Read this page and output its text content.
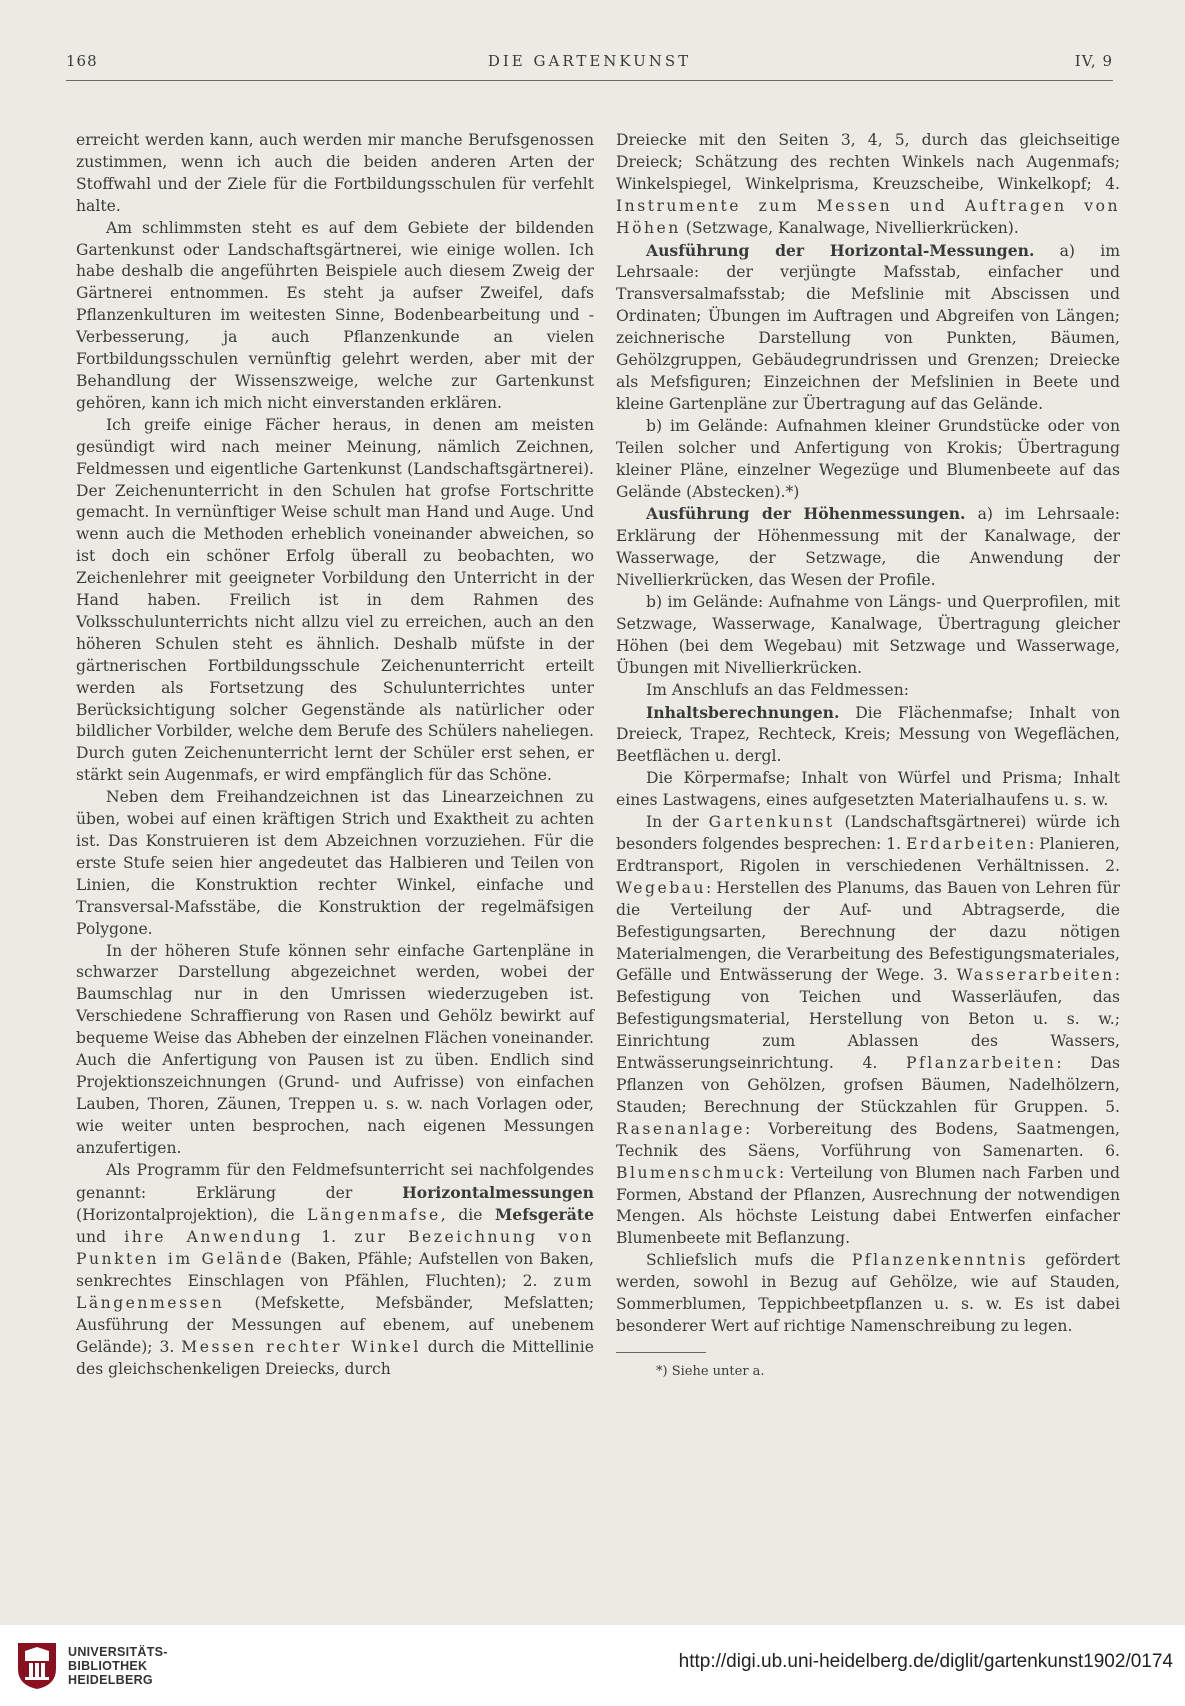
168	DIE GARTENKUNST	IV, 9

erreicht werden kann, auch werden mir manche Berufsgenossen zustimmen, wenn ich auch die beiden anderen Arten der Stoffwahl und der Ziele für die Fortbildungsschulen für verfehlt halte.

Am schlimmsten steht es auf dem Gebiete der bildenden Gartenkunst oder Landschaftsgärtnerei, wie einige wollen. Ich habe deshalb die angeführten Beispiele auch diesem Zweig der Gärtnerei entnommen. Es steht ja aufser Zweifel, dafs Pflanzenkulturen im weitesten Sinne, Bodenbearbeitung und -Verbesserung, ja auch Pflanzenkunde an vielen Fortbildungsschulen vernünftig gelehrt werden, aber mit der Behandlung der Wissenszweige, welche zur Gartenkunst gehören, kann ich mich nicht einverstanden erklären.

Ich greife einige Fächer heraus, in denen am meisten gesündigt wird nach meiner Meinung, nämlich Zeichnen, Feldmessen und eigentliche Gartenkunst (Landschaftsgärtnerei). Der Zeichenunterricht in den Schulen hat grofse Fortschritte gemacht. In vernünftiger Weise schult man Hand und Auge. Und wenn auch die Methoden erheblich voneinander abweichen, so ist doch ein schöner Erfolg überall zu beobachten, wo Zeichenlehrer mit geeigneter Vorbildung den Unterricht in der Hand haben. Freilich ist in dem Rahmen des Volksschulunterrichts nicht allzu viel zu erreichen, auch an den höheren Schulen steht es ähnlich. Deshalb müfste in der gärtnerischen Fortbildungsschule Zeichenunterricht erteilt werden als Fortsetzung des Schulunterrichtes unter Berücksichtigung solcher Gegenstände als natürlicher oder bildlicher Vorbilder, welche dem Berufe des Schülers naheliegen. Durch guten Zeichenunterricht lernt der Schüler erst sehen, er stärkt sein Augenmafs, er wird empfänglich für das Schöne.

Neben dem Freihandzeichnen ist das Linearzeichnen zu üben, wobei auf einen kräftigen Strich und Exaktheit zu achten ist. Das Konstruieren ist dem Abzeichnen vorzuziehen. Für die erste Stufe seien hier angedeutet das Halbieren und Teilen von Linien, die Konstruktion rechter Winkel, einfache und Transversal-Mafsstäbe, die Konstruktion der regelmäfsigen Polygone.

In der höheren Stufe können sehr einfache Gartenpläne in schwarzer Darstellung abgezeichnet werden, wobei der Baumschlag nur in den Umrissen wiederzugeben ist. Verschiedene Schraffierung von Rasen und Gehölz bewirkt auf bequeme Weise das Abheben der einzelnen Flächen voneinander. Auch die Anfertigung von Pausen ist zu üben. Endlich sind Projektionszeichnungen (Grund- und Aufrisse) von einfachen Lauben, Thoren, Zäunen, Treppen u. s. w. nach Vorlagen oder, wie weiter unten besprochen, nach eigenen Messungen anzufertigen.

Als Programm für den Feldmefsunterricht sei nachfolgendes genannt: Erklärung der Horizontalmessungen (Horizontalprojektion), die Längenmafse, die Mefsgeräte und ihre Anwendung 1. zur Bezeichnung von Punkten im Gelände (Baken, Pfähle; Aufstellen von Baken, senkrechtes Einschlagen von Pfählen, Fluchten); 2. zum Längenmessen (Mefskette, Mefsbänder, Mefslatten; Ausführung der Messungen auf ebenem, auf unebenem Gelände); 3. Messen rechter Winkel durch die Mittellinie des gleichschenkeligen Dreiecks, durch

Dreiecke mit den Seiten 3, 4, 5, durch das gleichseitige Dreieck; Schätzung des rechten Winkels nach Augenmafs; Winkelspiegel, Winkelprisma, Kreuzscheibe, Winkelkopf; 4. Instrumente zum Messen und Auftragen von Höhen (Setzwage, Kanalwage, Nivellierkrücken).

Ausführung der Horizontal-Messungen. a) im Lehrsaale: der verjüngte Mafsstab, einfacher und Transversalmafsstab; die Mefslinie mit Abscissen und Ordinaten; Übungen im Auftragen und Abgreifen von Längen; zeichnerische Darstellung von Punkten, Bäumen, Gehölzgruppen, Gebäudegrundrissen und Grenzen; Dreiecke als Mefsfiguren; Einzeichnen der Mefslinien in Beete und kleine Gartenpläne zur Übertragung auf das Gelände.

b) im Gelände: Aufnahmen kleiner Grundstücke oder von Teilen solcher und Anfertigung von Krokis; Übertragung kleiner Pläne, einzelner Wegezüge und Blumenbeete auf das Gelände (Abstecken).*)

Ausführung der Höhenmessungen. a) im Lehrsaale: Erklärung der Höhenmessung mit der Kanalwage, der Wasserwage, der Setzwage, die Anwendung der Nivellierkrücken, das Wesen der Profile.

b) im Gelände: Aufnahme von Längs- und Querprofilen, mit Setzwage, Wasserwage, Kanalwage, Übertragung gleicher Höhen (bei dem Wegebau) mit Setzwage und Wasserwage, Übungen mit Nivellierkrücken.

Im Anschlufs an das Feldmessen:

Inhaltsberechnungen. Die Flächenmafse; Inhalt von Dreieck, Trapez, Rechteck, Kreis; Messung von Wegeflächen, Beetflächen u. dergl.

Die Körpermafse; Inhalt von Würfel und Prisma; Inhalt eines Lastwagens, eines aufgesetzten Materialhaufens u. s. w.

In der Gartenkunst (Landschaftsgärtnerei) würde ich besonders folgendes besprechen: 1. Erdarbeiten: Planieren, Erdtransport, Rigolen in verschiedenen Verhältnissen. 2. Wegebau: Herstellen des Planums, das Bauen von Lehren für die Verteilung der Auf- und Abtragserde, die Befestigungsarten, Berechnung der dazu nötigen Materialmengen, die Verarbeitung des Befestigungsmateriales, Gefälle und Entwässerung der Wege. 3. Wasserarbeiten: Befestigung von Teichen und Wasserläufen, das Befestigungsmaterial, Herstellung von Beton u. s. w.; Einrichtung zum Ablassen des Wassers, Entwässerungseinrichtung. 4. Pflanzarbeiten: Das Pflanzen von Gehölzen, grofsen Bäumen, Nadelhölzern, Stauden; Berechnung der Stückzahlen für Gruppen. 5. Rasenanlage: Vorbereitung des Bodens, Saatmengen, Technik des Säens, Vorführung von Samenarten. 6. Blumenschmuck: Verteilung von Blumen nach Farben und Formen, Abstand der Pflanzen, Ausrechnung der notwendigen Mengen. Als höchste Leistung dabei Entwerfen einfacher Blumenbeete mit Beflanzung.

Schliefslich mufs die Pflanzenkenntnis gefördert werden, sowohl in Bezug auf Gehölze, wie auf Stauden, Sommerblumen, Teppichbeetpflanzen u. s. w. Es ist dabei besonderer Wert auf richtige Namenschreibung zu legen.

*) Siehe unter a.
UNIVERSITÄTS-
BIBLIOTHEK
HEIDELBERG
http://digi.ub.uni-heidelberg.de/diglit/gartenkunst1902/0174
